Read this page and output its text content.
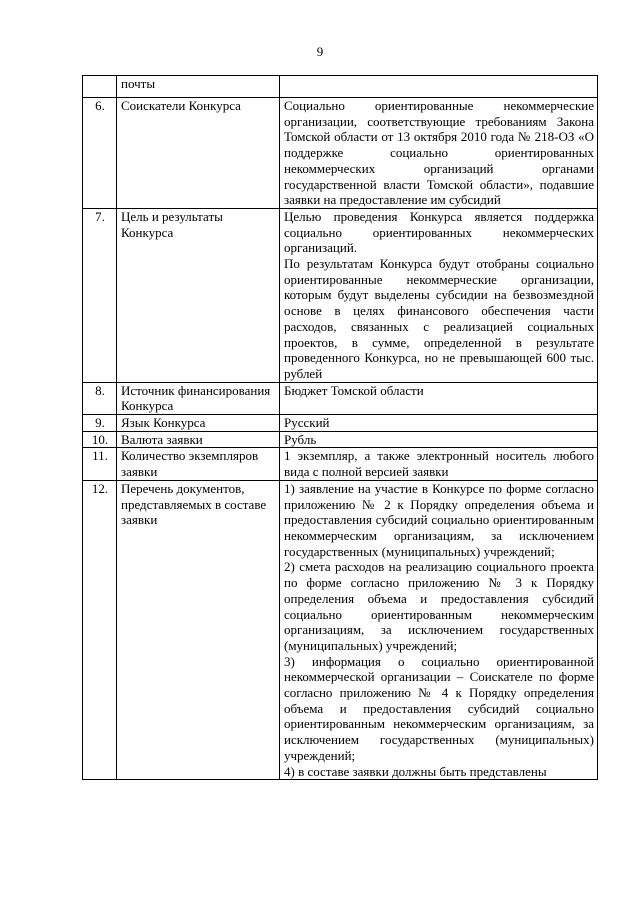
9
	почты	

6.	Соискатели Конкурса	Социально ориентированные некоммерческие организации, соответствующие требованиям Закона Томской области от 13 октября 2010 года № 218-ОЗ «О поддержке социально ориентированных некоммерческих организаций органами государственной власти Томской области», подавшие заявки на предоставление им субсидий

7.	Цель и результаты Конкурса	Целью проведения Конкурса является поддержка социально ориентированных некоммерческих организаций.
По результатам Конкурса будут отобраны социально ориентированные некоммерческие организации, которым будут выделены субсидии на безвозмездной основе в целях финансового обеспечения части расходов, связанных с реализацией социальных проектов, в сумме, определенной в результате проведенного Конкурса, но не превышающей 600 тыс. рублей

8.	Источник финансирования Конкурса	Бюджет Томской области

9.	Язык Конкурса	Русский

10.	Валюта заявки	Рубль

11.	Количество экземпляров заявки	1 экземпляр, а также электронный носитель любого вида с полной версией заявки

12.	Перечень документов, представляемых в составе заявки	1) заявление на участие в Конкурсе по форме согласно приложению № 2 к Порядку определения объема и предоставления субсидий социально ориентированным некоммерческим организациям, за исключением государственных (муниципальных) учреждений;
2) смета расходов на реализацию социального проекта по форме согласно приложению № 3 к Порядку определения объема и предоставления субсидий социально ориентированным некоммерческим организациям, за исключением государственных (муниципальных) учреждений;
3) информация о социально ориентированной некоммерческой организации – Соискателе по форме согласно приложению № 4 к Порядку определения объема и предоставления субсидий социально ориентированным некоммерческим организациям, за исключением государственных (муниципальных) учреждений;
4) в составе заявки должны быть представлены
